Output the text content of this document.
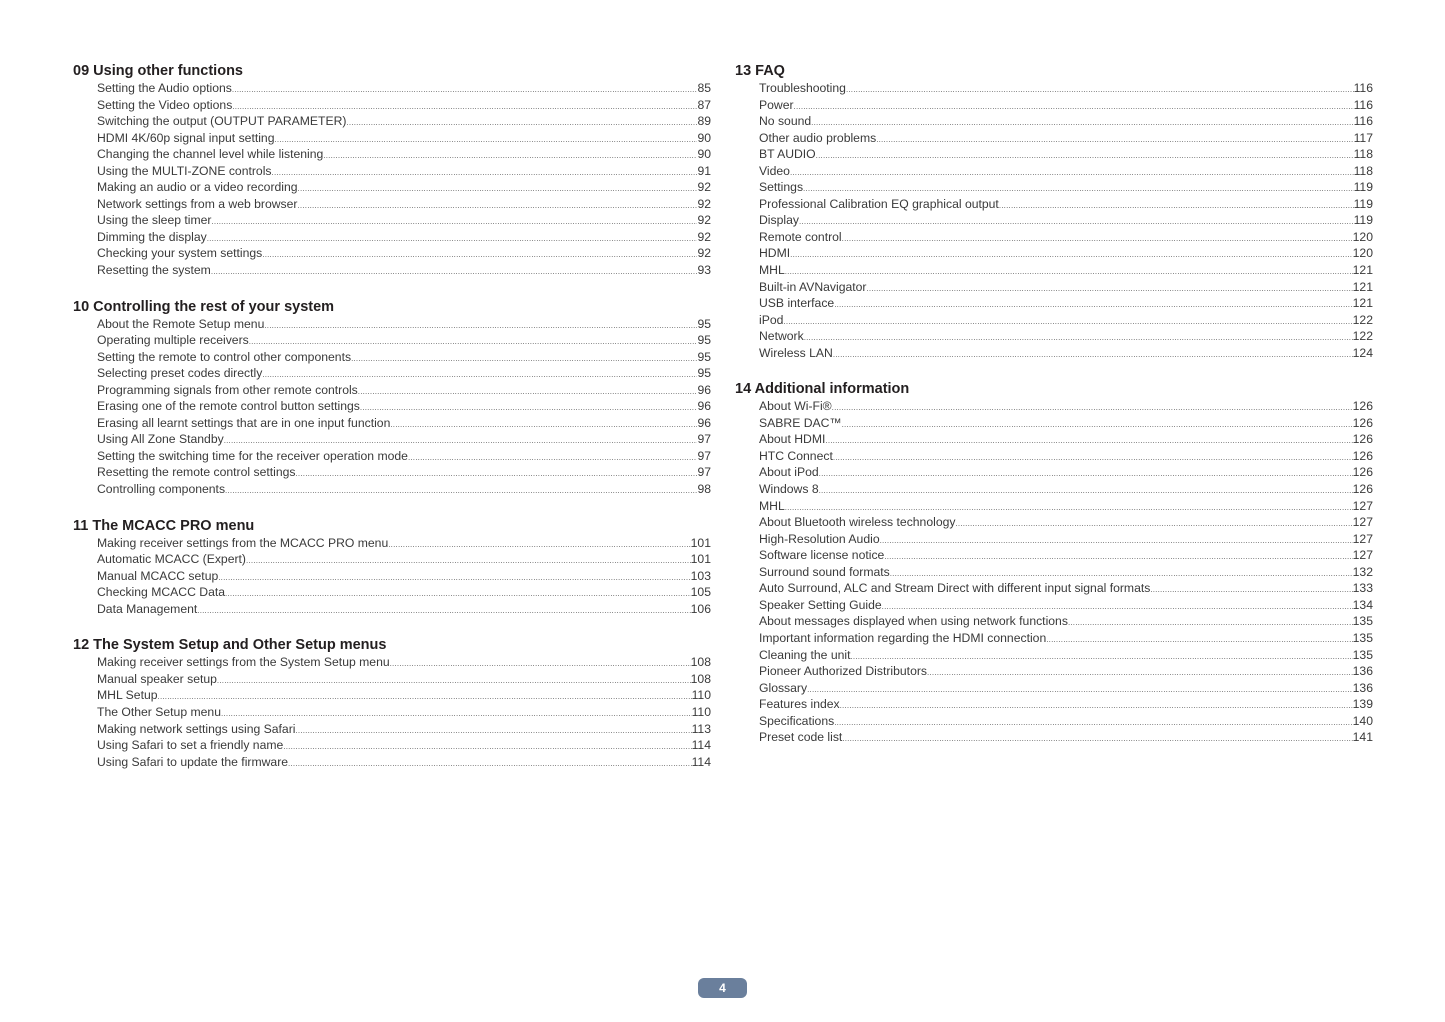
09 Using other functions
Setting the Audio options .....	85
Setting the Video options .....	87
Switching the output (OUTPUT PARAMETER) .....	89
HDMI 4K/60p signal input setting .....	90
Changing the channel level while listening .....	90
Using the MULTI-ZONE controls .....	91
Making an audio or a video recording .....	92
Network settings from a web browser .....	92
Using the sleep timer .....	92
Dimming the display .....	92
Checking your system settings .....	92
Resetting the system .....	93
10 Controlling the rest of your system
About the Remote Setup menu .....	95
Operating multiple receivers .....	95
Setting the remote to control other components .....	95
Selecting preset codes directly .....	95
Programming signals from other remote controls .....	96
Erasing one of the remote control button settings .....	96
Erasing all learnt settings that are in one input function .....	96
Using All Zone Standby .....	97
Setting the switching time for the receiver operation mode .....	97
Resetting the remote control settings .....	97
Controlling components .....	98
11 The MCACC PRO menu
Making receiver settings from the MCACC PRO menu .....	101
Automatic MCACC (Expert) .....	101
Manual MCACC setup .....	103
Checking MCACC Data .....	105
Data Management .....	106
12 The System Setup and Other Setup menus
Making receiver settings from the System Setup menu .....	108
Manual speaker setup .....	108
MHL Setup .....	110
The Other Setup menu .....	110
Making network settings using Safari .....	113
Using Safari to set a friendly name .....	114
Using Safari to update the firmware .....	114
13 FAQ
Troubleshooting .....	116
Power .....	116
No sound .....	116
Other audio problems .....	117
BT AUDIO .....	118
Video .....	118
Settings .....	119
Professional Calibration EQ graphical output .....	119
Display .....	119
Remote control .....	120
HDMI .....	120
MHL .....	121
Built-in AVNavigator .....	121
USB interface .....	121
iPod .....	122
Network .....	122
Wireless LAN .....	124
14 Additional information
About Wi-Fi® .....	126
SABRE DAC™ .....	126
About HDMI .....	126
HTC Connect .....	126
About iPod .....	126
Windows 8 .....	126
MHL .....	127
About Bluetooth wireless technology .....	127
High-Resolution Audio .....	127
Software license notice .....	127
Surround sound formats .....	132
Auto Surround, ALC and Stream Direct with different input signal formats .....	133
Speaker Setting Guide .....	134
About messages displayed when using network functions .....	135
Important information regarding the HDMI connection .....	135
Cleaning the unit .....	135
Pioneer Authorized Distributors .....	136
Glossary .....	136
Features index .....	139
Specifications .....	140
Preset code list .....	141
4
